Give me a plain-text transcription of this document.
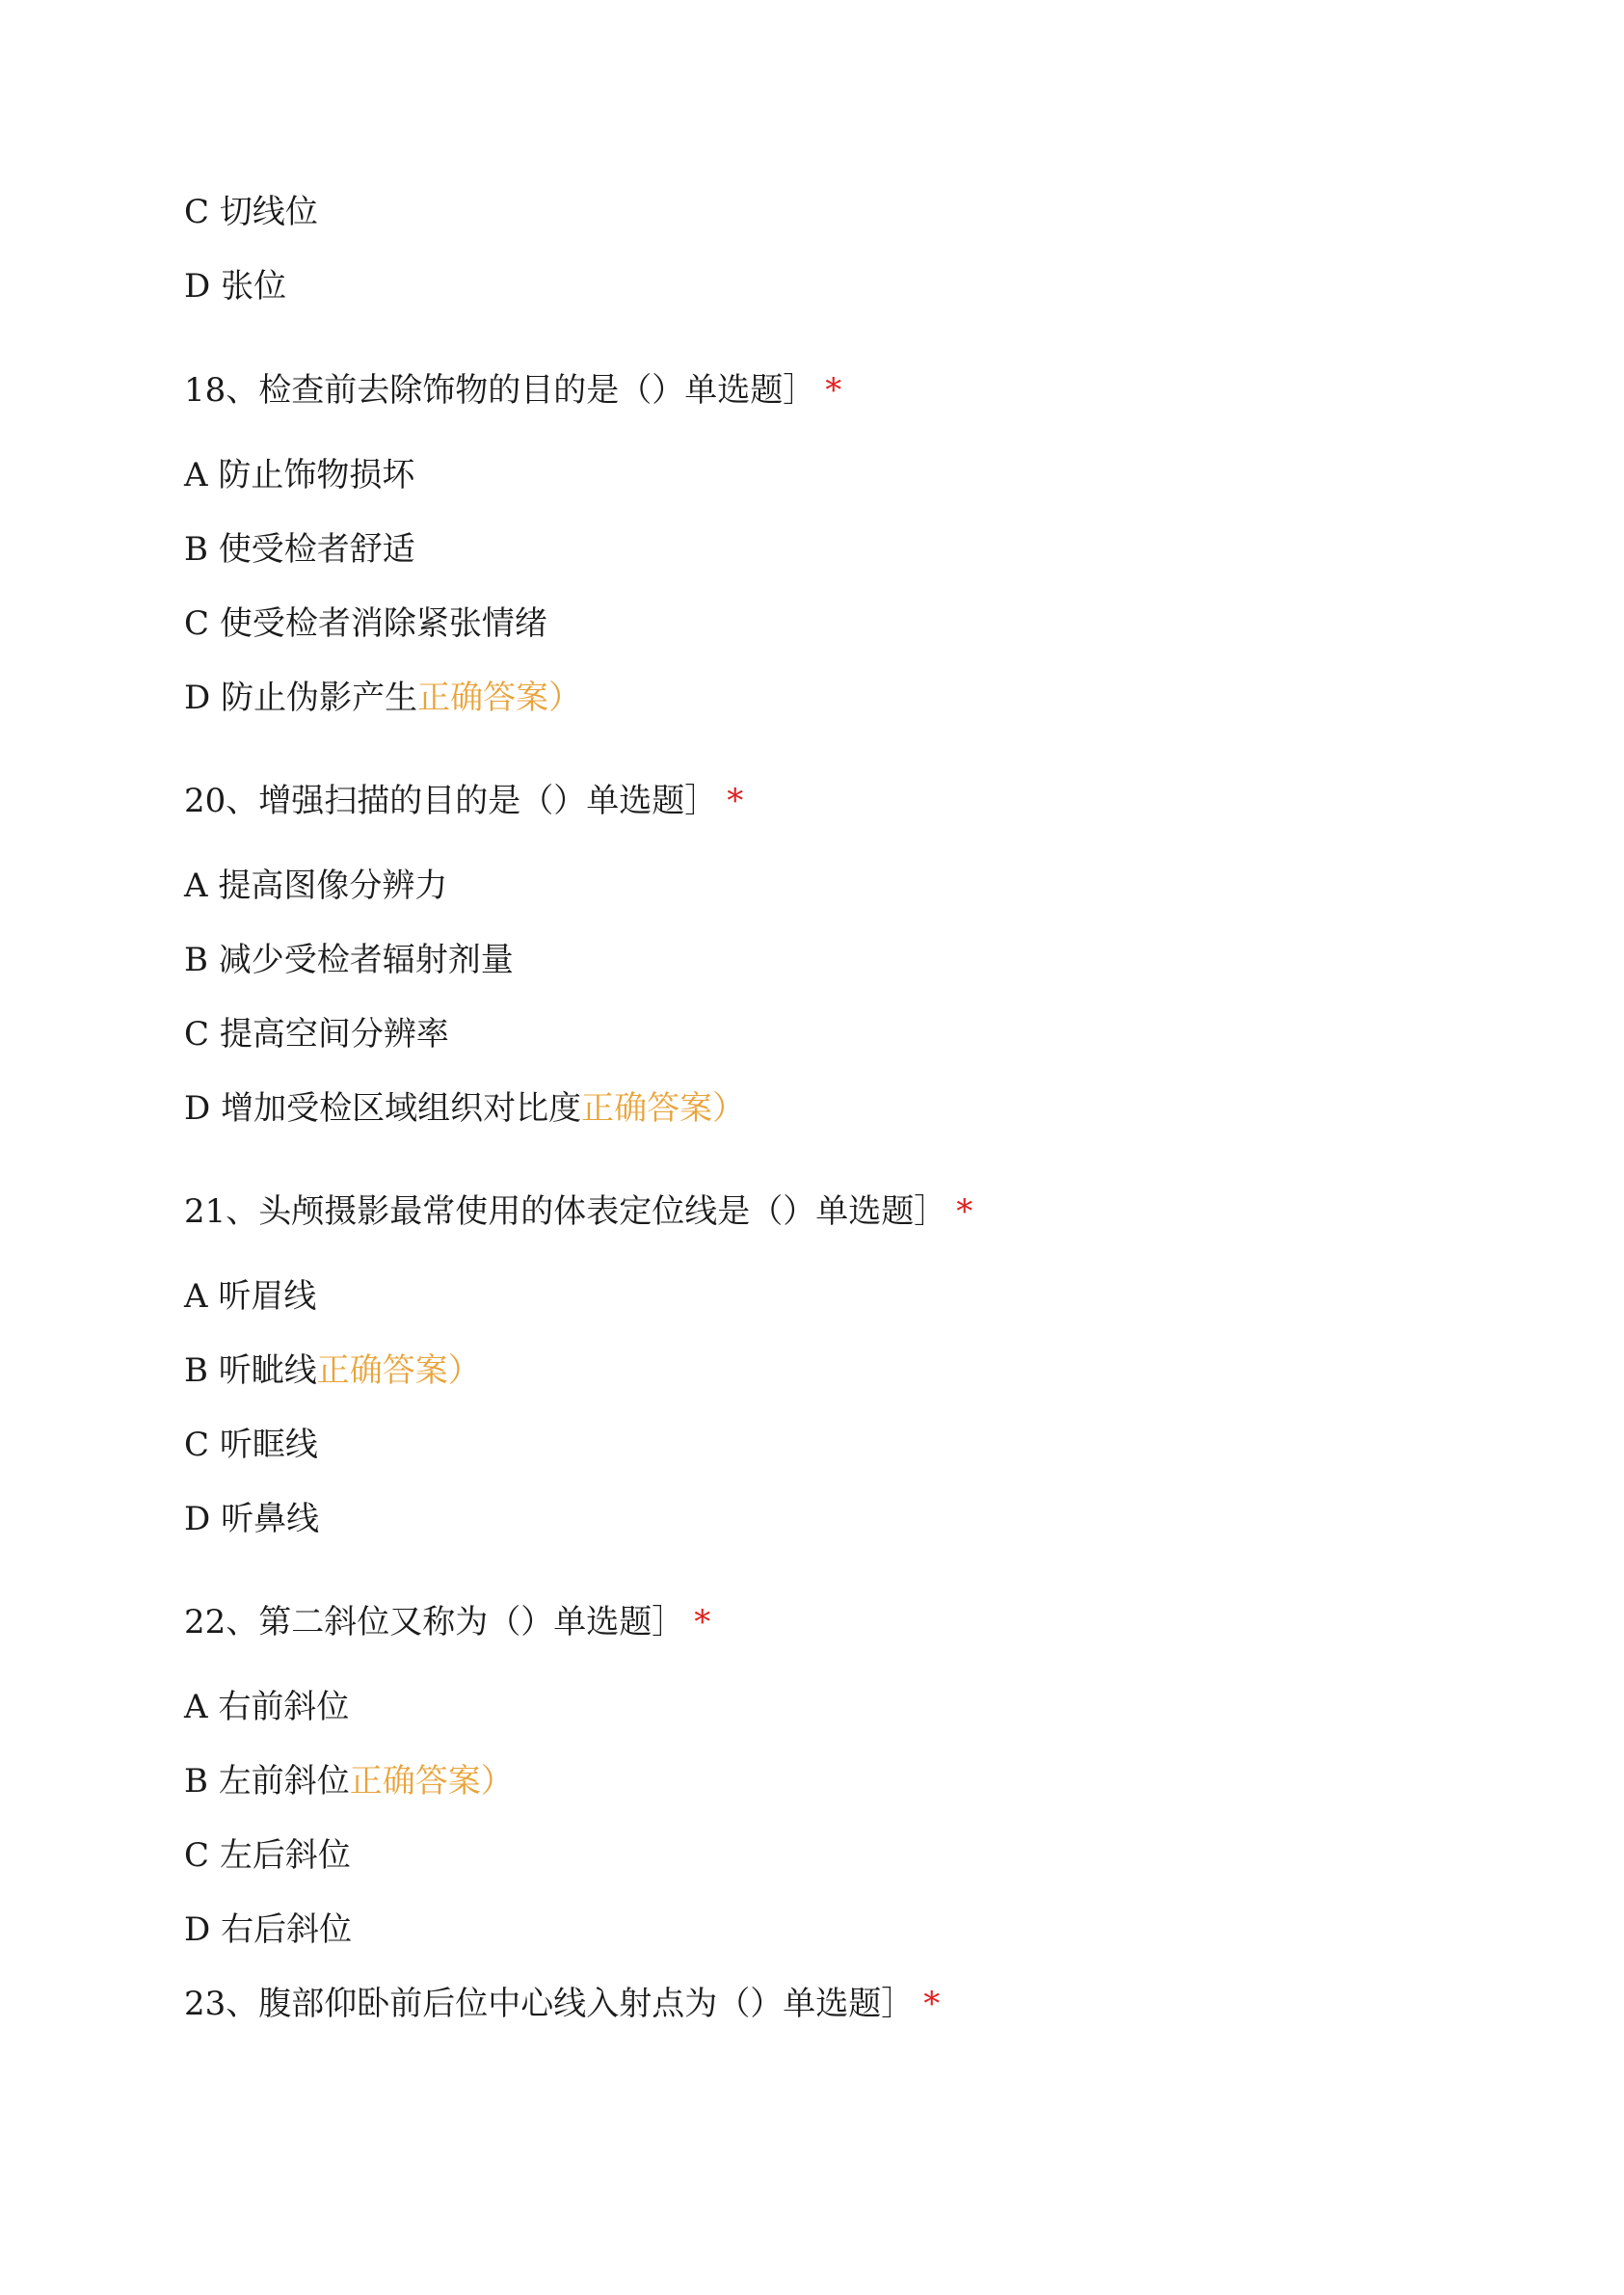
C 切线位
D 张位
18、检查前去除饰物的目的是（）单选题］ *
A 防止饰物损坏
B 使受检者舒适
C 使受检者消除紧张情绪
D 防止伪影产生正确答案）
20、增强扫描的目的是（）单选题］ *
A 提高图像分辨力
B 减少受检者辐射剂量
C 提高空间分辨率
D 增加受检区域组织对比度正确答案）
21、头颅摄影最常使用的体表定位线是（）单选题］ *
A 听眉线
B 听眦线正确答案）
C 听眶线
D 听鼻线
22、第二斜位又称为（）单选题］ *
A 右前斜位
B 左前斜位正确答案）
C 左后斜位
D 右后斜位
23、腹部仰卧前后位中心线入射点为（）单选题］ *
